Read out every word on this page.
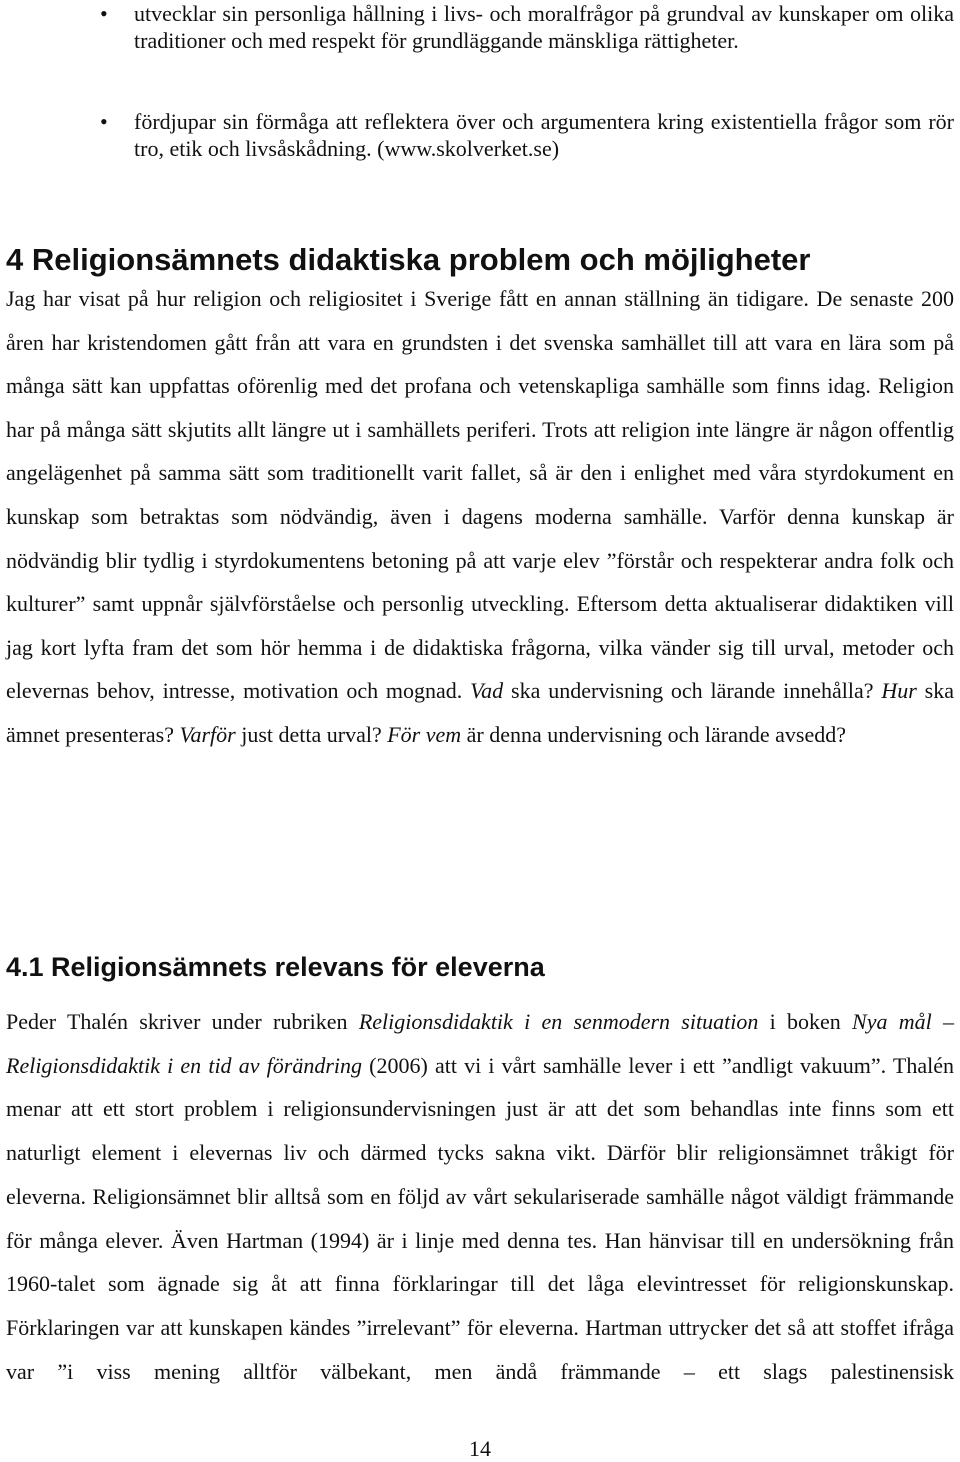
• utvecklar sin personliga hållning i livs- och moralfrågor på grundval av kunskaper om olika traditioner och med respekt för grundläggande mänskliga rättigheter.
• fördjupar sin förmåga att reflektera över och argumentera kring existentiella frågor som rör tro, etik och livsåskådning. (www.skolverket.se)
4 Religionsämnets didaktiska problem och möjligheter
Jag har visat på hur religion och religiositet i Sverige fått en annan ställning än tidigare. De senaste 200 åren har kristendomen gått från att vara en grundsten i det svenska samhället till att vara en lära som på många sätt kan uppfattas oförenlig med det profana och vetenskapliga samhälle som finns idag. Religion har på många sätt skjutits allt längre ut i samhällets periferi. Trots att religion inte längre är någon offentlig angelägenhet på samma sätt som traditionellt varit fallet, så är den i enlighet med våra styrdokument en kunskap som betraktas som nödvändig, även i dagens moderna samhälle. Varför denna kunskap är nödvändig blir tydlig i styrdokumentens betoning på att varje elev ”förstår och respekterar andra folk och kulturer” samt uppnår självförståelse och personlig utveckling. Eftersom detta aktualiserar didaktiken vill jag kort lyfta fram det som hör hemma i de didaktiska frågorna, vilka vänder sig till urval, metoder och elevernas behov, intresse, motivation och mognad. Vad ska undervisning och lärande innehålla? Hur ska ämnet presenteras? Varför just detta urval? För vem är denna undervisning och lärande avsedd?
4.1 Religionsämnets relevans för eleverna
Peder Thalén skriver under rubriken Religionsdidaktik i en senmodern situation i boken Nya mål – Religionsdidaktik i en tid av förändring (2006) att vi i vårt samhälle lever i ett ”andligt vakuum”. Thalén menar att ett stort problem i religionsundervisningen just är att det som behandlas inte finns som ett naturligt element i elevernas liv och därmed tycks sakna vikt. Därför blir religionsämnet tråkigt för eleverna. Religionsämnet blir alltså som en följd av vårt sekulariserade samhälle något väldigt främmande för många elever. Även Hartman (1994) är i linje med denna tes. Han hänvisar till en undersökning från 1960-talet som ägnade sig åt att finna förklaringar till det låga elevintresset för religionskunskap. Förklaringen var att kunskapen kändes ”irrelevant” för eleverna. Hartman uttrycker det så att stoffet ifråga var ”i viss mening alltför välbekant, men ändå främmande – ett slags palestinensisk
14
